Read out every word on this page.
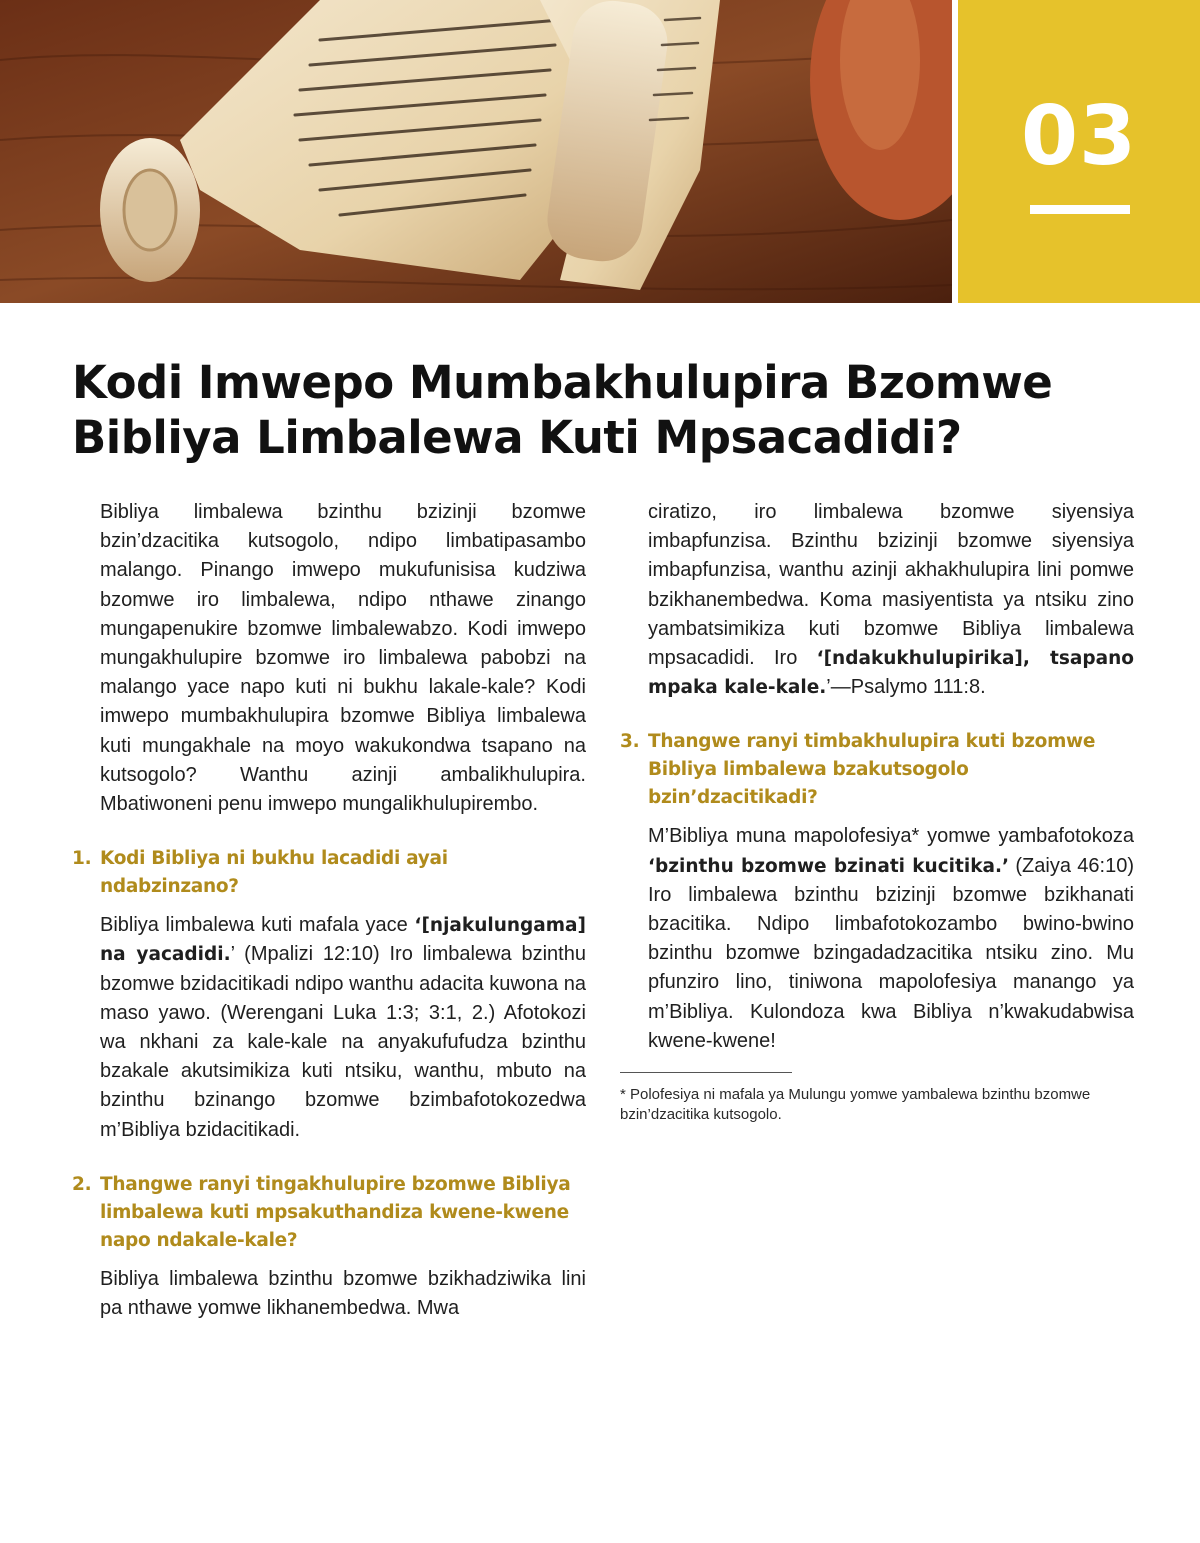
03
Kodi Imwepo Mumbakhulupira Bzomwe Bibliya Limbalewa Kuti Mpsacadidi?

Bibliya limbalewa bzinthu bzizinji bzomwe bzin’dzacitika kutsogolo, ndipo limbatipasambo malango. Pinango imwepo mukufunisisa kudziwa bzomwe iro limbalewa, ndipo nthawe zinango mungapenukire bzomwe limbalewabzo. Kodi imwepo mungakhulupire bzomwe iro limbalewa pabobzi na malango yace napo kuti ni bukhu lakale-kale? Kodi imwepo mumbakhulupira bzomwe Bibliya limbalewa kuti mungakhale na moyo wakukondwa tsapano na kutsogolo? Wanthu azinji ambalikhulupira. Mbatiwoneni penu imwepo mungalikhulupirembo.

1. Kodi Bibliya ni bukhu lacadidi ayai ndabzinzano?

Bibliya limbalewa kuti mafala yace ‘[njakulungama] na yacadidi.’ (Mpalizi 12:10) Iro limbalewa bzinthu bzomwe bzidacitikadi ndipo wanthu adacita kuwona na maso yawo. (Werengani Luka 1:3; 3:1, 2.) Afotokozi wa nkhani za kale-kale na anyakufufudza bzinthu bzakale akutsimikiza kuti ntsiku, wanthu, mbuto na bzinthu bzinango bzomwe bzimbafotokozedwa m’Bibliya bzidacitikadi.

2. Thangwe ranyi tingakhulupire bzomwe Bibliya limbalewa kuti mpsakuthandiza kwene-kwene napo ndakale-kale?

Bibliya limbalewa bzinthu bzomwe bzikhadziwika lini pa nthawe yomwe likhanembedwa. Mwa

ciratizo, iro limbalewa bzomwe siyensiya imbapfunzisa. Bzinthu bzizinji bzomwe siyensiya imbapfunzisa, wanthu azinji akhakhulupira lini pomwe bzikhanembedwa. Koma masiyentista ya ntsiku zino yambatsimikiza kuti bzomwe Bibliya limbalewa mpsacadidi. Iro ‘[ndakukhulupirika], tsapano mpaka kale-kale.’—Psalymo 111:8.

3. Thangwe ranyi timbakhulupira kuti bzomwe Bibliya limbalewa bzakutsogolo bzin’dzacitikadi?

M’Bibliya muna mapolofesiya* yomwe yambafotokoza ‘bzinthu bzomwe bzinati kucitika.’ (Zaiya 46:10) Iro limbalewa bzinthu bzizinji bzomwe bzikhanati bzacitika. Ndipo limbafotokozambo bwino-bwino bzinthu bzomwe bzingadadzacitika ntsiku zino. Mu pfunziro lino, tiniwona mapolofesiya manango ya m’Bibliya. Kulondoza kwa Bibliya n’kwakudabwisa kwene-kwene!

* Polofesiya ni mafala ya Mulungu yomwe yambalewa bzinthu bzomwe bzin’dzacitika kutsogolo.
